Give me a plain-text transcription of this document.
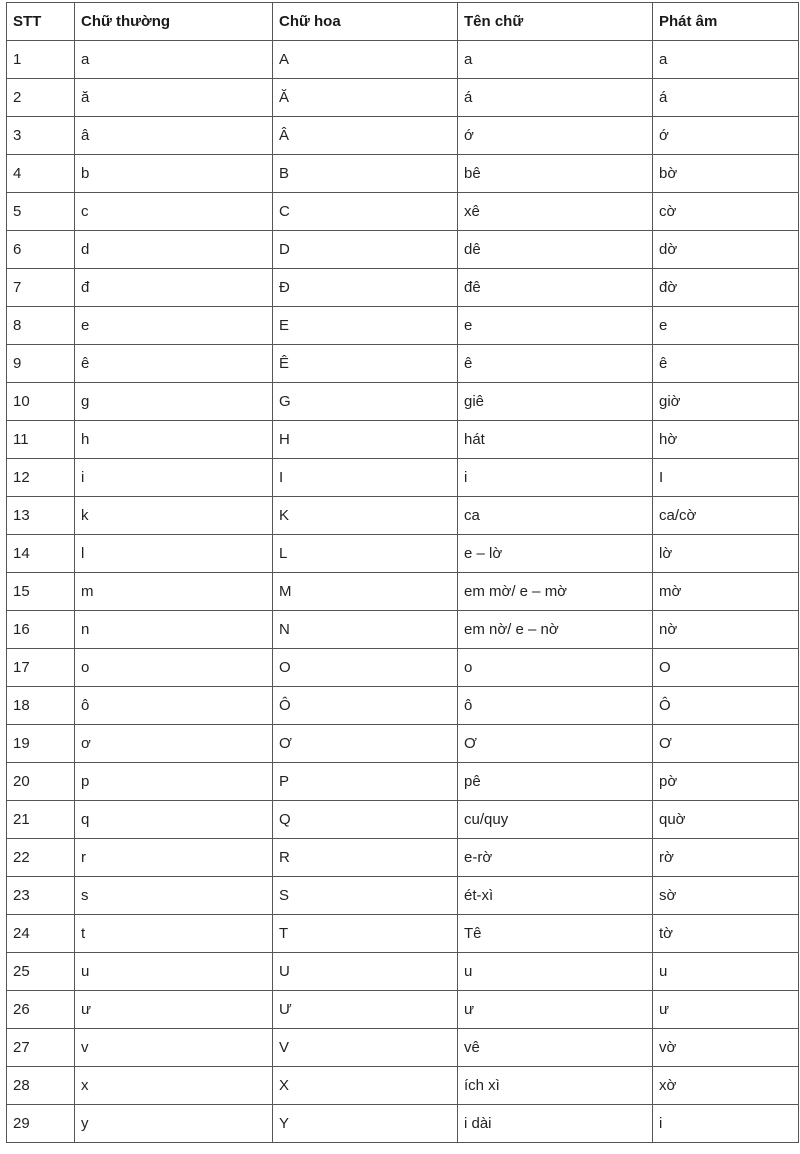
STT	Chữ thường	Chữ hoa	Tên chữ	Phát âm
1	a	A	a	a
2	ă	Ă	á	á
3	â	Â	ớ	ớ
4	b	B	bê	bờ
5	c	C	xê	cờ
6	d	D	dê	dờ
7	đ	Đ	đê	đờ
8	e	E	e	e
9	ê	Ê	ê	ê
10	g	G	giê	giờ
11	h	H	hát	hờ
12	i	I	i	I
13	k	K	ca	ca/cờ
14	l	L	e – lờ	lờ
15	m	M	em mờ/ e – mờ	mờ
16	n	N	em nờ/ e – nờ	nờ
17	o	O	o	O
18	ô	Ô	ô	Ô
19	ơ	Ơ	Ơ	Ơ
20	p	P	pê	pờ
21	q	Q	cu/quy	quờ
22	r	R	e-rờ	rờ
23	s	S	ét-xì	sờ
24	t	T	Tê	tờ
25	u	U	u	u
26	ư	Ư	ư	ư
27	v	V	vê	vờ
28	x	X	ích xì	xờ
29	y	Y	i dài	i
